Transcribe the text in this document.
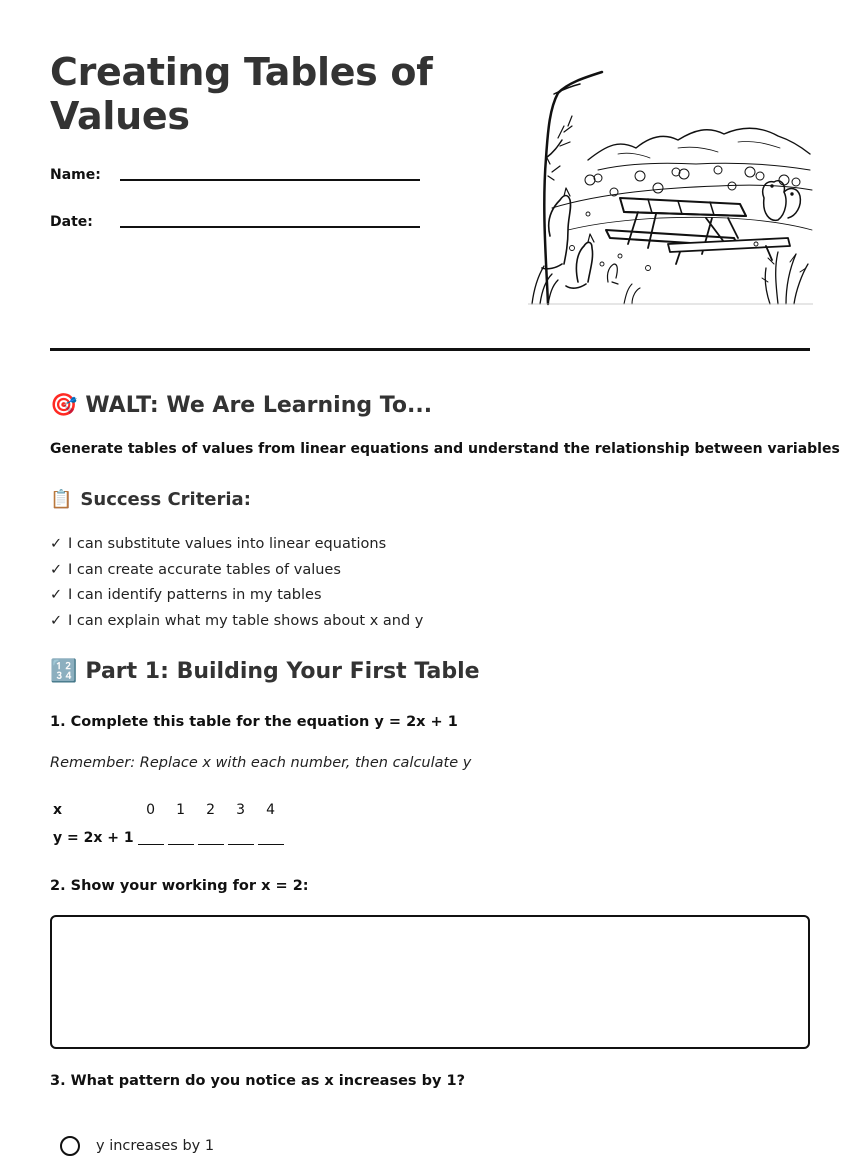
Creating Tables of Values
Name:
Date:
🎯 WALT: We Are Learning To...
Generate tables of values from linear equations and understand the relationship between variables
📋 Success Criteria:
✓ I can substitute values into linear equations
✓ I can create accurate tables of values
✓ I can identify patterns in my tables
✓ I can explain what my table shows about x and y
🔢 Part 1: Building Your First Table
1. Complete this table for the equation y = 2x + 1
Remember: Replace x with each number, then calculate y
x	0	1	2	3	4
y = 2x + 1					
2. Show your working for x = 2:
3. What pattern do you notice as x increases by 1?
y increases by 1
